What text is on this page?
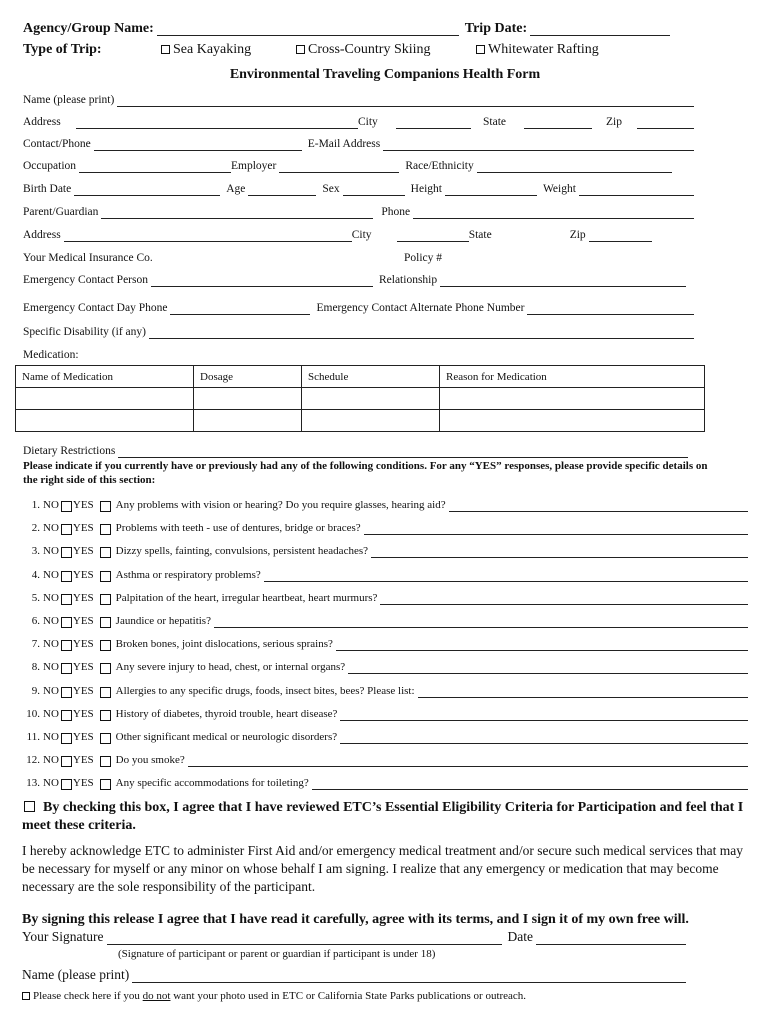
Agency/Group Name:	Trip Date:
Type of Trip:	Sea Kayaking	Cross-Country Skiing	Whitewater Rafting
Environmental Traveling Companions Health Form
Name (please print)
Address	City	State	Zip
Contact/Phone	E-Mail Address
Occupation	Employer	Race/Ethnicity
Birth Date	Age	Sex	Height	Weight
Parent/Guardian	Phone
Address	City	State	Zip
Your Medical Insurance Co.	Policy #
Emergency Contact Person	Relationship
Emergency Contact Day Phone	Emergency Contact Alternate Phone Number
Specific Disability (if any)
Medication:
Name of Medication	Dosage	Schedule	Reason for Medication

Dietary Restrictions
Please indicate if you currently have or previously had any of the following conditions. For any “YES” responses, please provide specific details on the right side of this section:
1. NO YES Any problems with vision or hearing? Do you require glasses, hearing aid?
2. NO YES Problems with teeth - use of dentures, bridge or braces?
3. NO YES Dizzy spells, fainting, convulsions, persistent headaches?
4. NO YES Asthma or respiratory problems?
5. NO YES Palpitation of the heart, irregular heartbeat, heart murmurs?
6. NO YES Jaundice or hepatitis?
7. NO YES Broken bones, joint dislocations, serious sprains?
8. NO YES Any severe injury to head, chest, or internal organs?
9. NO YES Allergies to any specific drugs, foods, insect bites, bees? Please list:
10. NO YES History of diabetes, thyroid trouble, heart disease?
11. NO YES Other significant medical or neurologic disorders?
12. NO YES Do you smoke?
13. NO YES Any specific accommodations for toileting?
By checking this box, I agree that I have reviewed ETC’s Essential Eligibility Criteria for Participation and feel that I meet these criteria.
I hereby acknowledge ETC to administer First Aid and/or emergency medical treatment and/or secure such medical services that may be necessary for myself or any minor on whose behalf I am signing. I realize that any emergency or medication that may become necessary are the sole responsibility of the participant.
By signing this release I agree that I have read it carefully, agree with its terms, and I sign it of my own free will.
Your Signature	Date
(Signature of participant or parent or guardian if participant is under 18)
Name (please print)
Please check here if you do not want your photo used in ETC or California State Parks publications or outreach.
